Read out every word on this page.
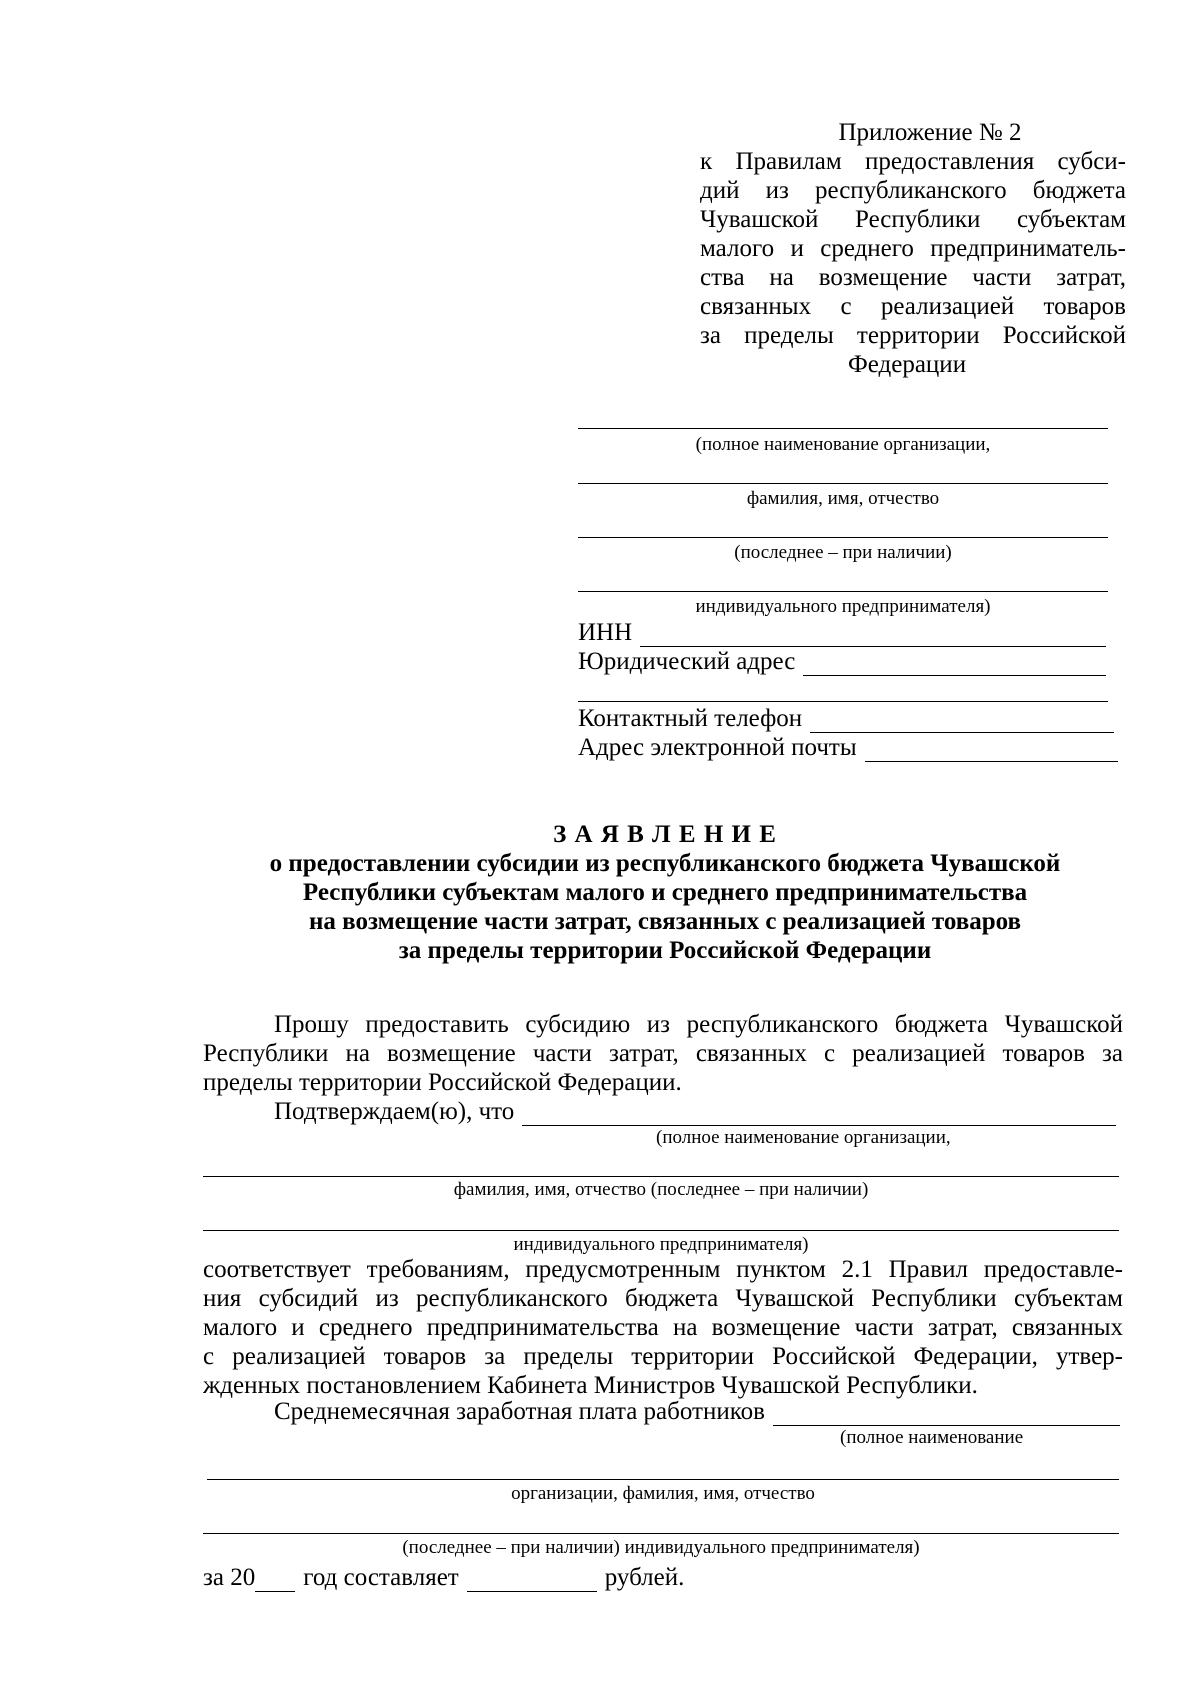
Приложение № 2
к Правилам предоставления субси-
дий из республиканского бюджета
Чувашской Республики субъектам
малого и среднего предприниматель-
ства на возмещение части затрат,
связанных с реализацией товаров
за пределы территории Российской
Федерации
(полное наименование организации,
фамилия, имя, отчество
(последнее – при наличии)
индивидуального предпринимателя)
ИНН
Юридический адрес
Контактный телефон
Адрес электронной почты
З А Я В Л Е Н И Е
о предоставлении субсидии из республиканского бюджета Чувашской
Республики субъектам малого и среднего предпринимательства
на возмещение части затрат, связанных с реализацией товаров
за пределы территории Российской Федерации
Прошу предоставить субсидию из республиканского бюджета Чувашской
Республики на возмещение части затрат, связанных с реализацией товаров за
пределы территории Российской Федерации.
Подтверждаем(ю), что
(полное наименование организации,
фамилия, имя, отчество (последнее – при наличии)
индивидуального предпринимателя)
соответствует требованиям, предусмотренным пунктом 2.1 Правил предоставле-
ния субсидий из республиканского бюджета Чувашской Республики субъектам
малого и среднего предпринимательства на возмещение части затрат, связанных
с реализацией товаров за пределы территории Российской Федерации, утвер-
жденных постановлением Кабинета Министров Чувашской Республики.
Среднемесячная заработная плата работников
(полное наименование
организации, фамилия, имя, отчество
(последнее – при наличии) индивидуального предпринимателя)
за 20 год составляет	рублей.
